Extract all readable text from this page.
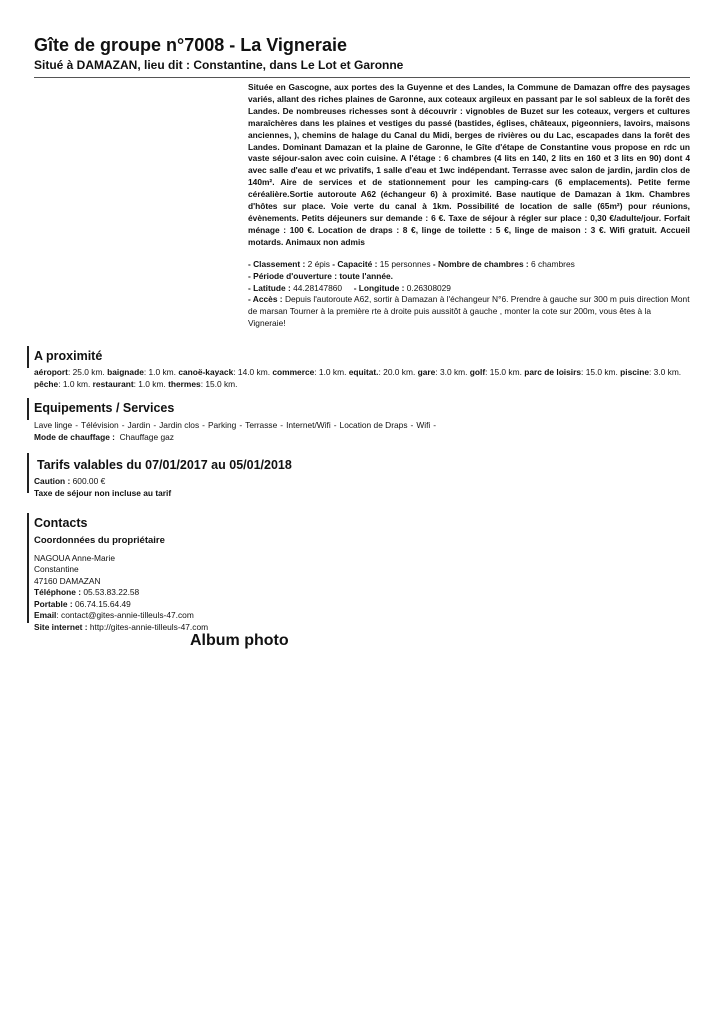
Gîte de groupe n°7008 - La Vigneraie

Situé à DAMAZAN, lieu dit : Constantine, dans Le Lot et Garonne

Située en Gascogne, aux portes des la Guyenne et des Landes, la Commune de Damazan offre des paysages variés, allant des riches plaines de Garonne, aux coteaux argileux en passant par le sol sableux de la forêt des Landes. De nombreuses richesses sont à découvrir : vignobles de Buzet sur les coteaux, vergers et cultures maraîchères dans les plaines et vestiges du passé (bastides, églises, châteaux, pigeonniers, lavoirs, maisons anciennes, ), chemins de halage du Canal du Midi, berges de rivières ou du Lac, escapades dans la forêt des Landes. Dominant Damazan et la plaine de Garonne, le Gîte d'étape de Constantine vous propose en rdc un vaste séjour-salon avec coin cuisine. A l'étage : 6 chambres (4 lits en 140, 2 lits en 160 et 3 lits en 90) dont 4 avec salle d'eau et wc privatifs, 1 salle d'eau et 1wc indépendant. Terrasse avec salon de jardin, jardin clos de 140m². Aire de services et de stationnement pour les camping-cars (6 emplacements). Petite ferme céréalière.Sortie autoroute A62 (échangeur 6) à proximité. Base nautique de Damazan à 1km. Chambres d'hôtes sur place. Voie verte du canal à 1km. Possibilité de location de salle (65m²) pour réunions, évènements. Petits déjeuners sur demande : 6 €. Taxe de séjour à régler sur place : 0,30 €/adulte/jour. Forfait ménage : 100 €. Location de draps : 8 €, linge de toilette : 5 €, linge de maison : 3 €. Wifi gratuit. Accueil motards. Animaux non admis

- Classement : 2 épis - Capacité : 15 personnes - Nombre de chambres : 6 chambres
- Période d'ouverture : toute l'année.
- Latitude : 44.28147860 - Longitude : 0.26308029
- Accès : Depuis l'autoroute A62, sortir à Damazan à l'échangeur N°6. Prendre à gauche sur 300 m puis direction Mont de marsan Tourner à la première rte à droite puis aussitôt à gauche , monter la cote sur 200m, vous êtes à la Vigneraie!
A proximité
aéroport: 25.0 km. baignade: 1.0 km. canoë-kayack: 14.0 km. commerce: 1.0 km. equitat.: 20.0 km. gare: 3.0 km. golf: 15.0 km. parc de loisirs: 15.0 km. piscine: 3.0 km. pêche: 1.0 km. restaurant: 1.0 km. thermes: 15.0 km.
Equipements / Services
Lave linge - Télévision - Jardin - Jardin clos - Parking - Terrasse - Internet/Wifi - Location de Draps - Wifi -
Mode de chauffage : Chauffage gaz
Tarifs valables du 07/01/2017 au 05/01/2018
Caution : 600.00 €
Taxe de séjour non incluse au tarif
Contacts

Coordonnées du propriétaire

NAGOUA Anne-Marie
Constantine
47160 DAMAZAN
Téléphone : 05.53.83.22.58
Portable : 06.74.15.64.49
Email: contact@gites-annie-tilleuls-47.com
Site internet : http://gites-annie-tilleuls-47.com
Album photo
